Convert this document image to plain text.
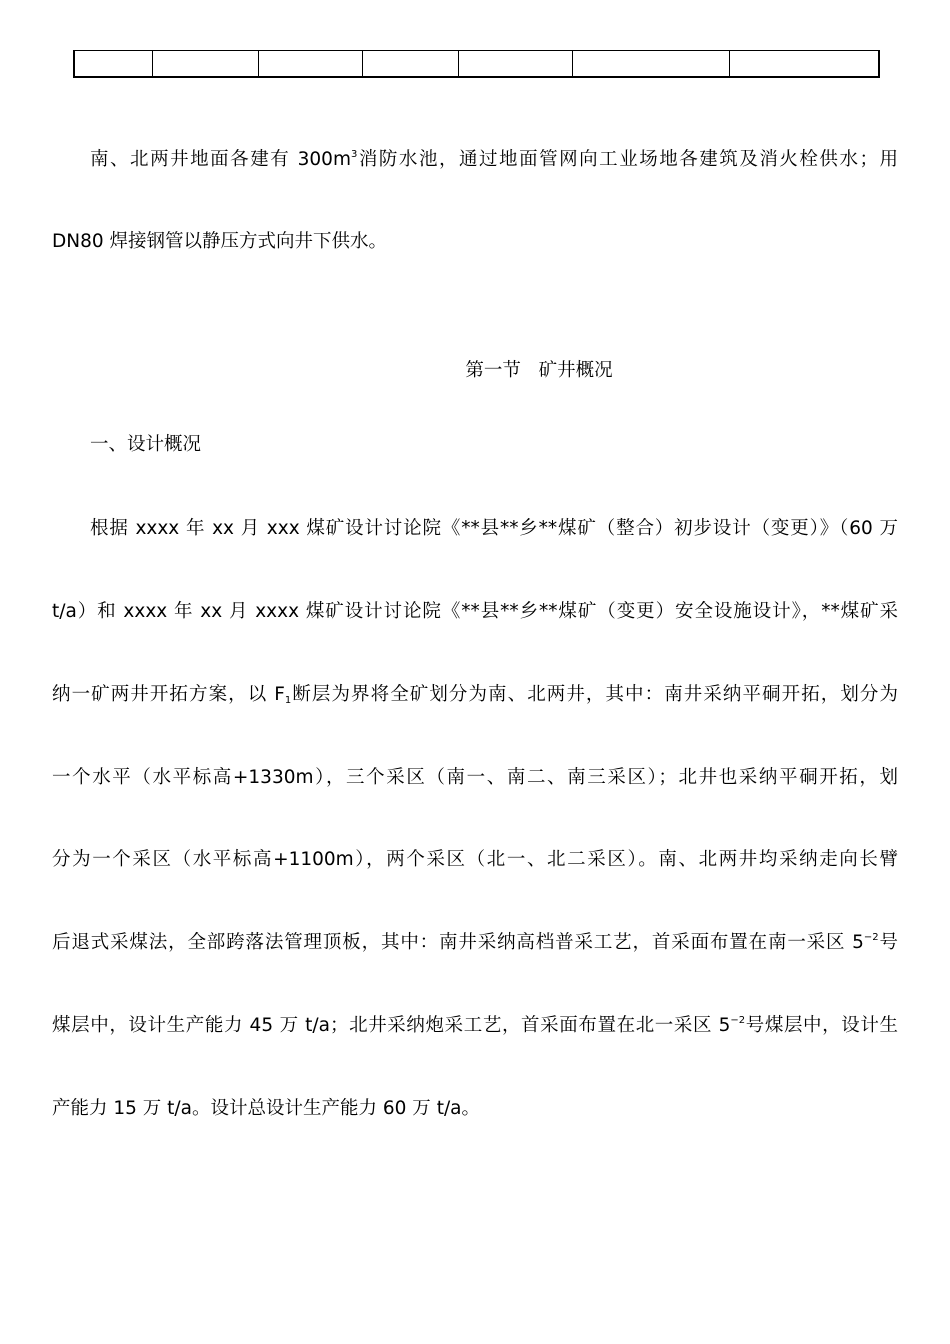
南、北两井地面各建有 $300m^3$消防水池，通过地面管网向工业场地各建筑及消火栓供水；用
DN80 焊接钢管以静压方式向井下供水。
第一节   矿井概况
一、设计概况
根据 xxxx 年 xx 月 xxx 煤矿设计讨论院《**县**乡**煤矿（整合）初步设计（变更）》（60 万
t/a）和 xxxx 年 xx 月 xxxx 煤矿设计讨论院《**县**乡**煤矿（变更）安全设施设计》，**煤矿采
纳一矿两井开拓方案，以 $F_1$断层为界将全矿划分为南、北两井，其中：南井采纳平硐开拓，划分为
一个水平（水平标高+1330m），三个采区（南一、南二、南三采区）；北井也采纳平硐开拓，划
分为一个采区（水平标高+1100m），两个采区（北一、北二采区）。南、北两井均采纳走向长臂
后退式采煤法，全部跨落法管理顶板，其中：南井采纳高档普采工艺，首采面布置在南一采区 $5^{-2}$号
煤层中，设计生产能力 45 万 t/a；北井采纳炮采工艺，首采面布置在北一采区 $5^{-2}$号煤层中，设计生
产能力 15 万 t/a。设计总设计生产能力 60 万 t/a。
